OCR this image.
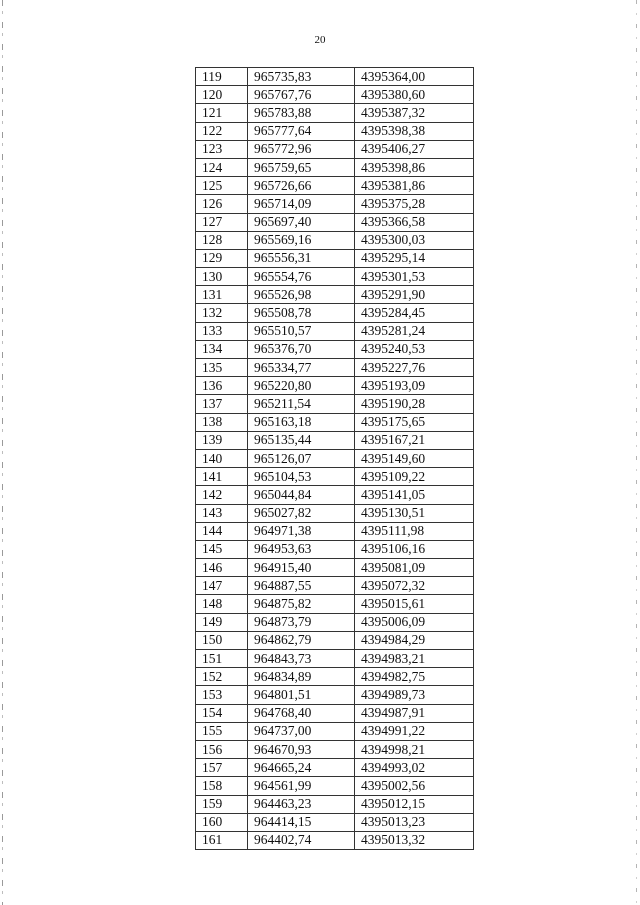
20
119	965735,83	4395364,00
120	965767,76	4395380,60
121	965783,88	4395387,32
122	965777,64	4395398,38
123	965772,96	4395406,27
124	965759,65	4395398,86
125	965726,66	4395381,86
126	965714,09	4395375,28
127	965697,40	4395366,58
128	965569,16	4395300,03
129	965556,31	4395295,14
130	965554,76	4395301,53
131	965526,98	4395291,90
132	965508,78	4395284,45
133	965510,57	4395281,24
134	965376,70	4395240,53
135	965334,77	4395227,76
136	965220,80	4395193,09
137	965211,54	4395190,28
138	965163,18	4395175,65
139	965135,44	4395167,21
140	965126,07	4395149,60
141	965104,53	4395109,22
142	965044,84	4395141,05
143	965027,82	4395130,51
144	964971,38	4395111,98
145	964953,63	4395106,16
146	964915,40	4395081,09
147	964887,55	4395072,32
148	964875,82	4395015,61
149	964873,79	4395006,09
150	964862,79	4394984,29
151	964843,73	4394983,21
152	964834,89	4394982,75
153	964801,51	4394989,73
154	964768,40	4394987,91
155	964737,00	4394991,22
156	964670,93	4394998,21
157	964665,24	4394993,02
158	964561,99	4395002,56
159	964463,23	4395012,15
160	964414,15	4395013,23
161	964402,74	4395013,32
